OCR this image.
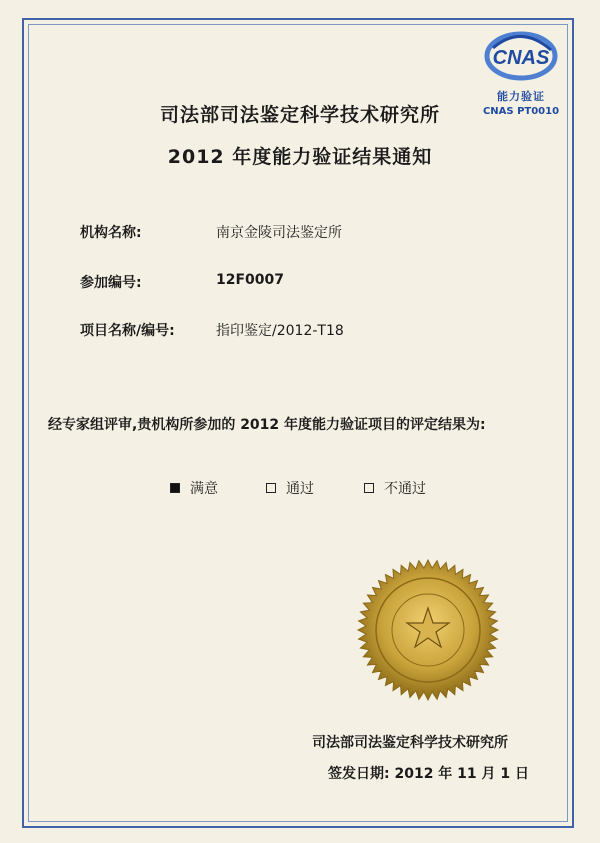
CNAS
能力验证
CNAS PT0010
司法部司法鉴定科学技术研究所
2012 年度能力验证结果通知
机构名称:	南京金陵司法鉴定所
参加编号:	12F0007
项目名称/编号:	指印鉴定/2012-T18
经专家组评审,贵机构所参加的 2012 年度能力验证项目的评定结果为:
满意	通过	不通过
司法部司法鉴定科学技术研究所
签发日期: 2012 年 11 月 1 日
